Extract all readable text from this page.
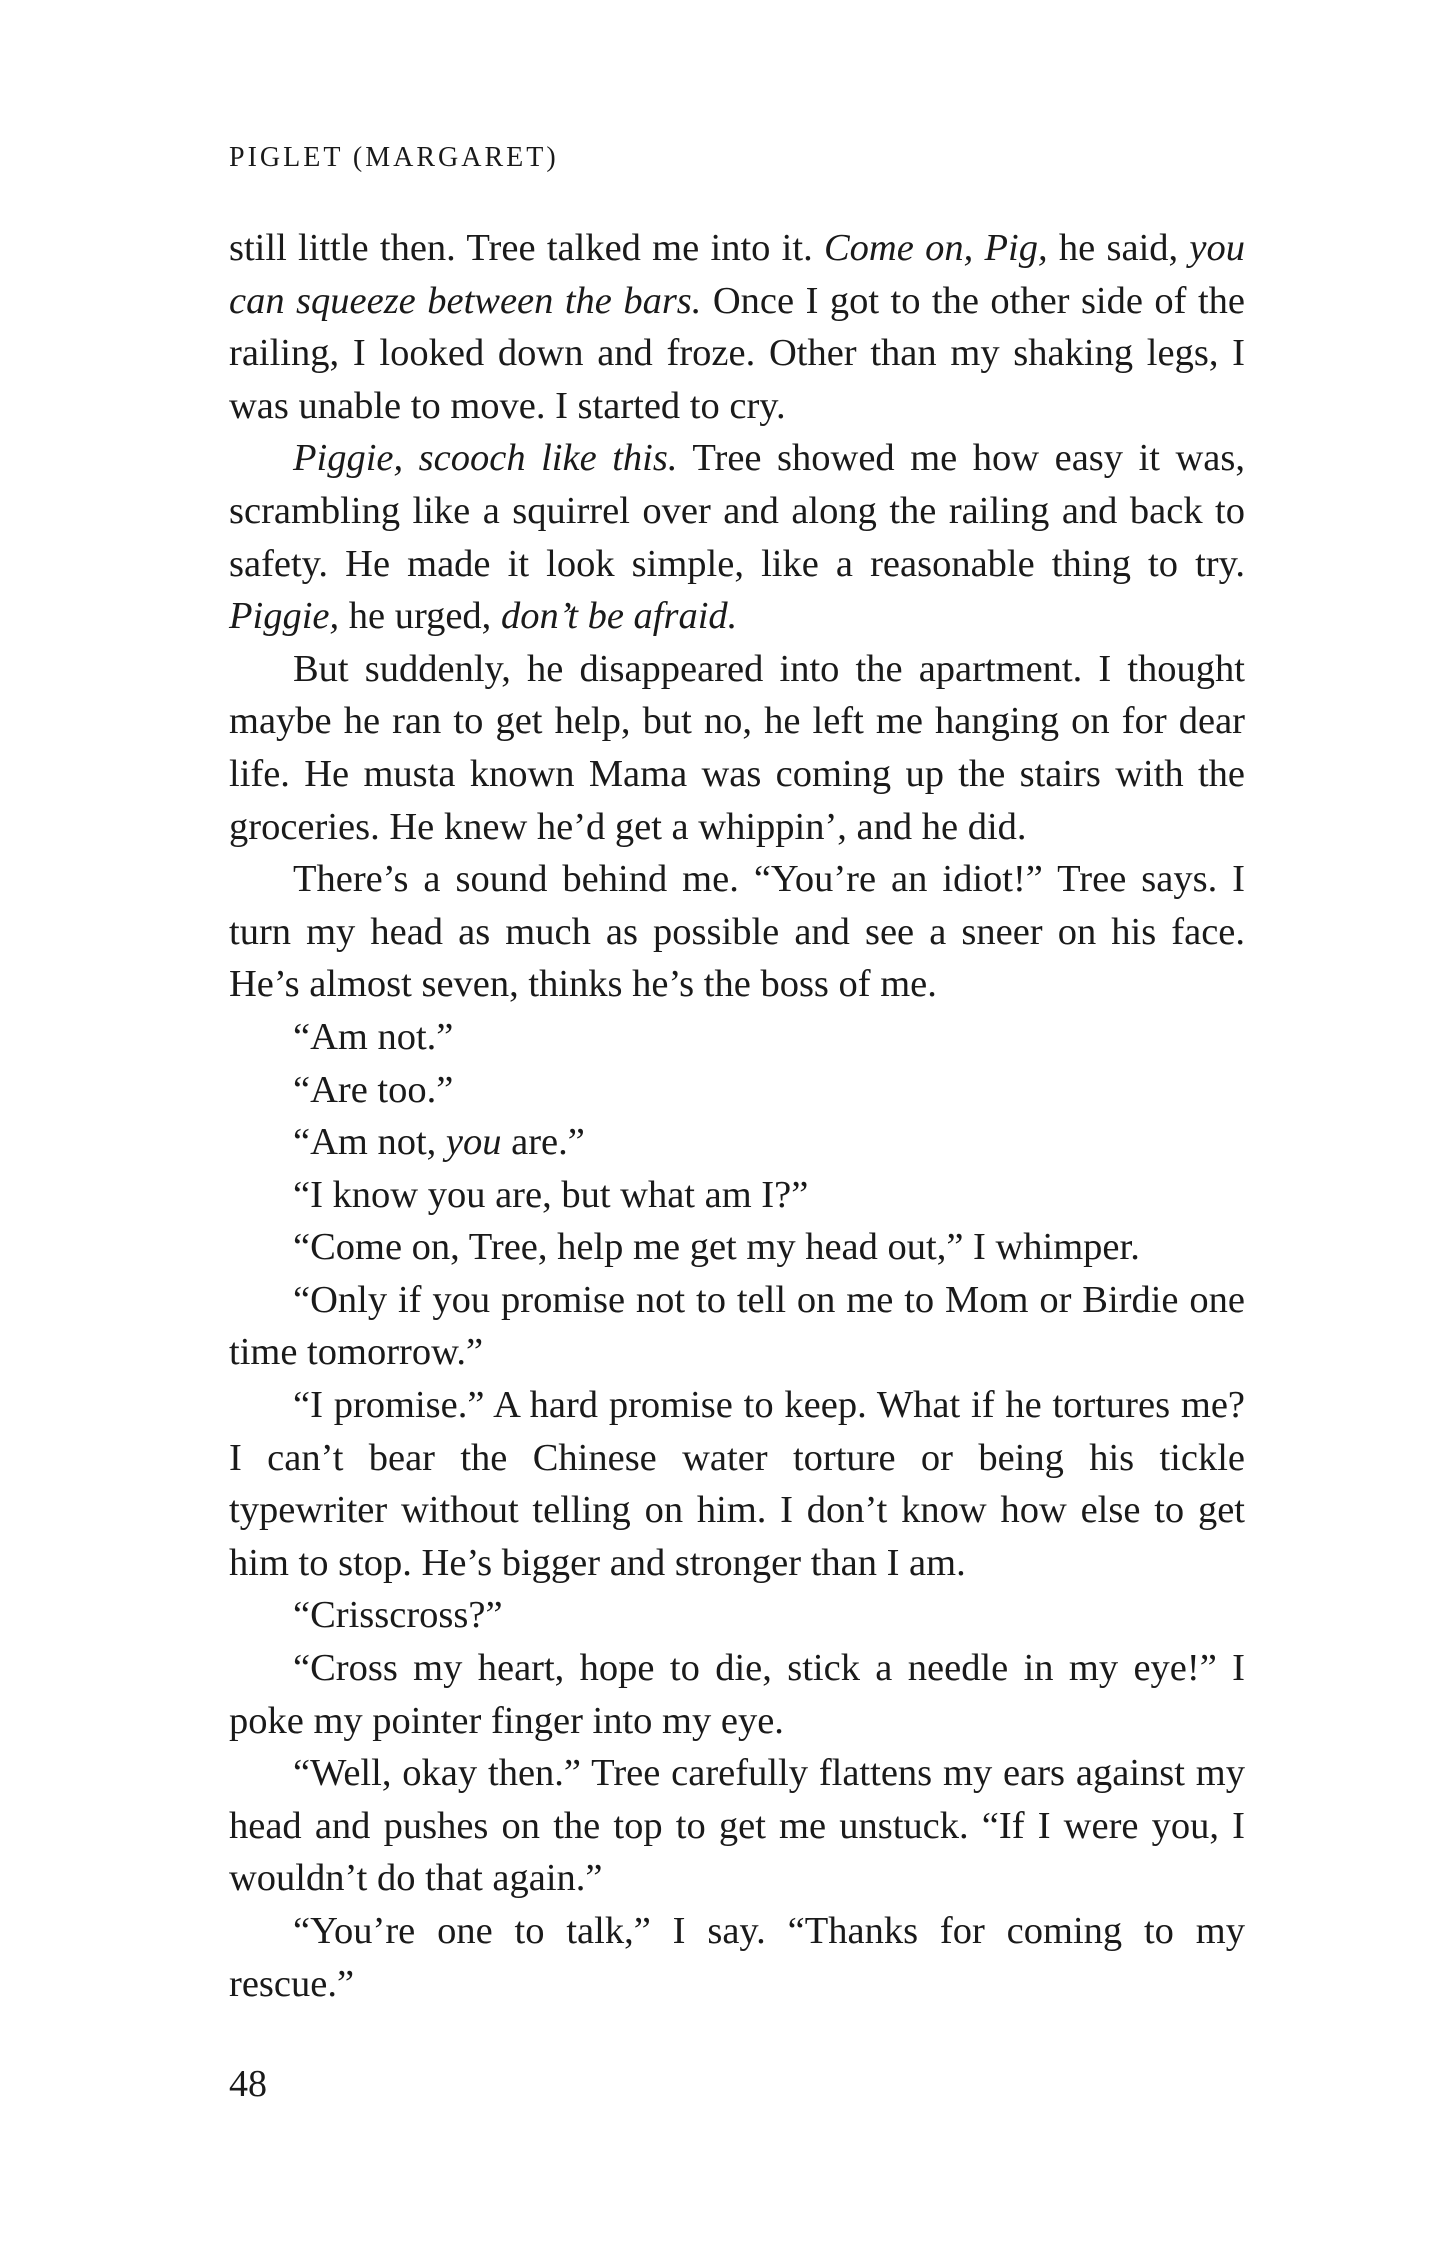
PIGLET (MARGARET)

still little then. Tree talked me into it. Come on, Pig, he said, you can squeeze between the bars. Once I got to the other side of the railing, I looked down and froze. Other than my shaking legs, I was unable to move. I started to cry.

Piggie, scooch like this. Tree showed me how easy it was, scrambling like a squirrel over and along the railing and back to safety. He made it look simple, like a reasonable thing to try. Piggie, he urged, don’t be afraid.

But suddenly, he disappeared into the apartment. I thought maybe he ran to get help, but no, he left me hanging on for dear life. He musta known Mama was coming up the stairs with the groceries. He knew he’d get a whippin’, and he did.

There’s a sound behind me. “You’re an idiot!” Tree says. I turn my head as much as possible and see a sneer on his face. He’s almost seven, thinks he’s the boss of me.

“Am not.”

“Are too.”

“Am not, you are.”

“I know you are, but what am I?”

“Come on, Tree, help me get my head out,” I whimper.

“Only if you promise not to tell on me to Mom or Birdie one time tomorrow.”

“I promise.” A hard promise to keep. What if he tortures me? I can’t bear the Chinese water torture or being his tickle typewriter without telling on him. I don’t know how else to get him to stop. He’s bigger and stronger than I am.

“Crisscross?”

“Cross my heart, hope to die, stick a needle in my eye!” I poke my pointer finger into my eye.

“Well, okay then.” Tree carefully flattens my ears against my head and pushes on the top to get me unstuck. “If I were you, I wouldn’t do that again.”

“You’re one to talk,” I say. “Thanks for coming to my rescue.”

48
